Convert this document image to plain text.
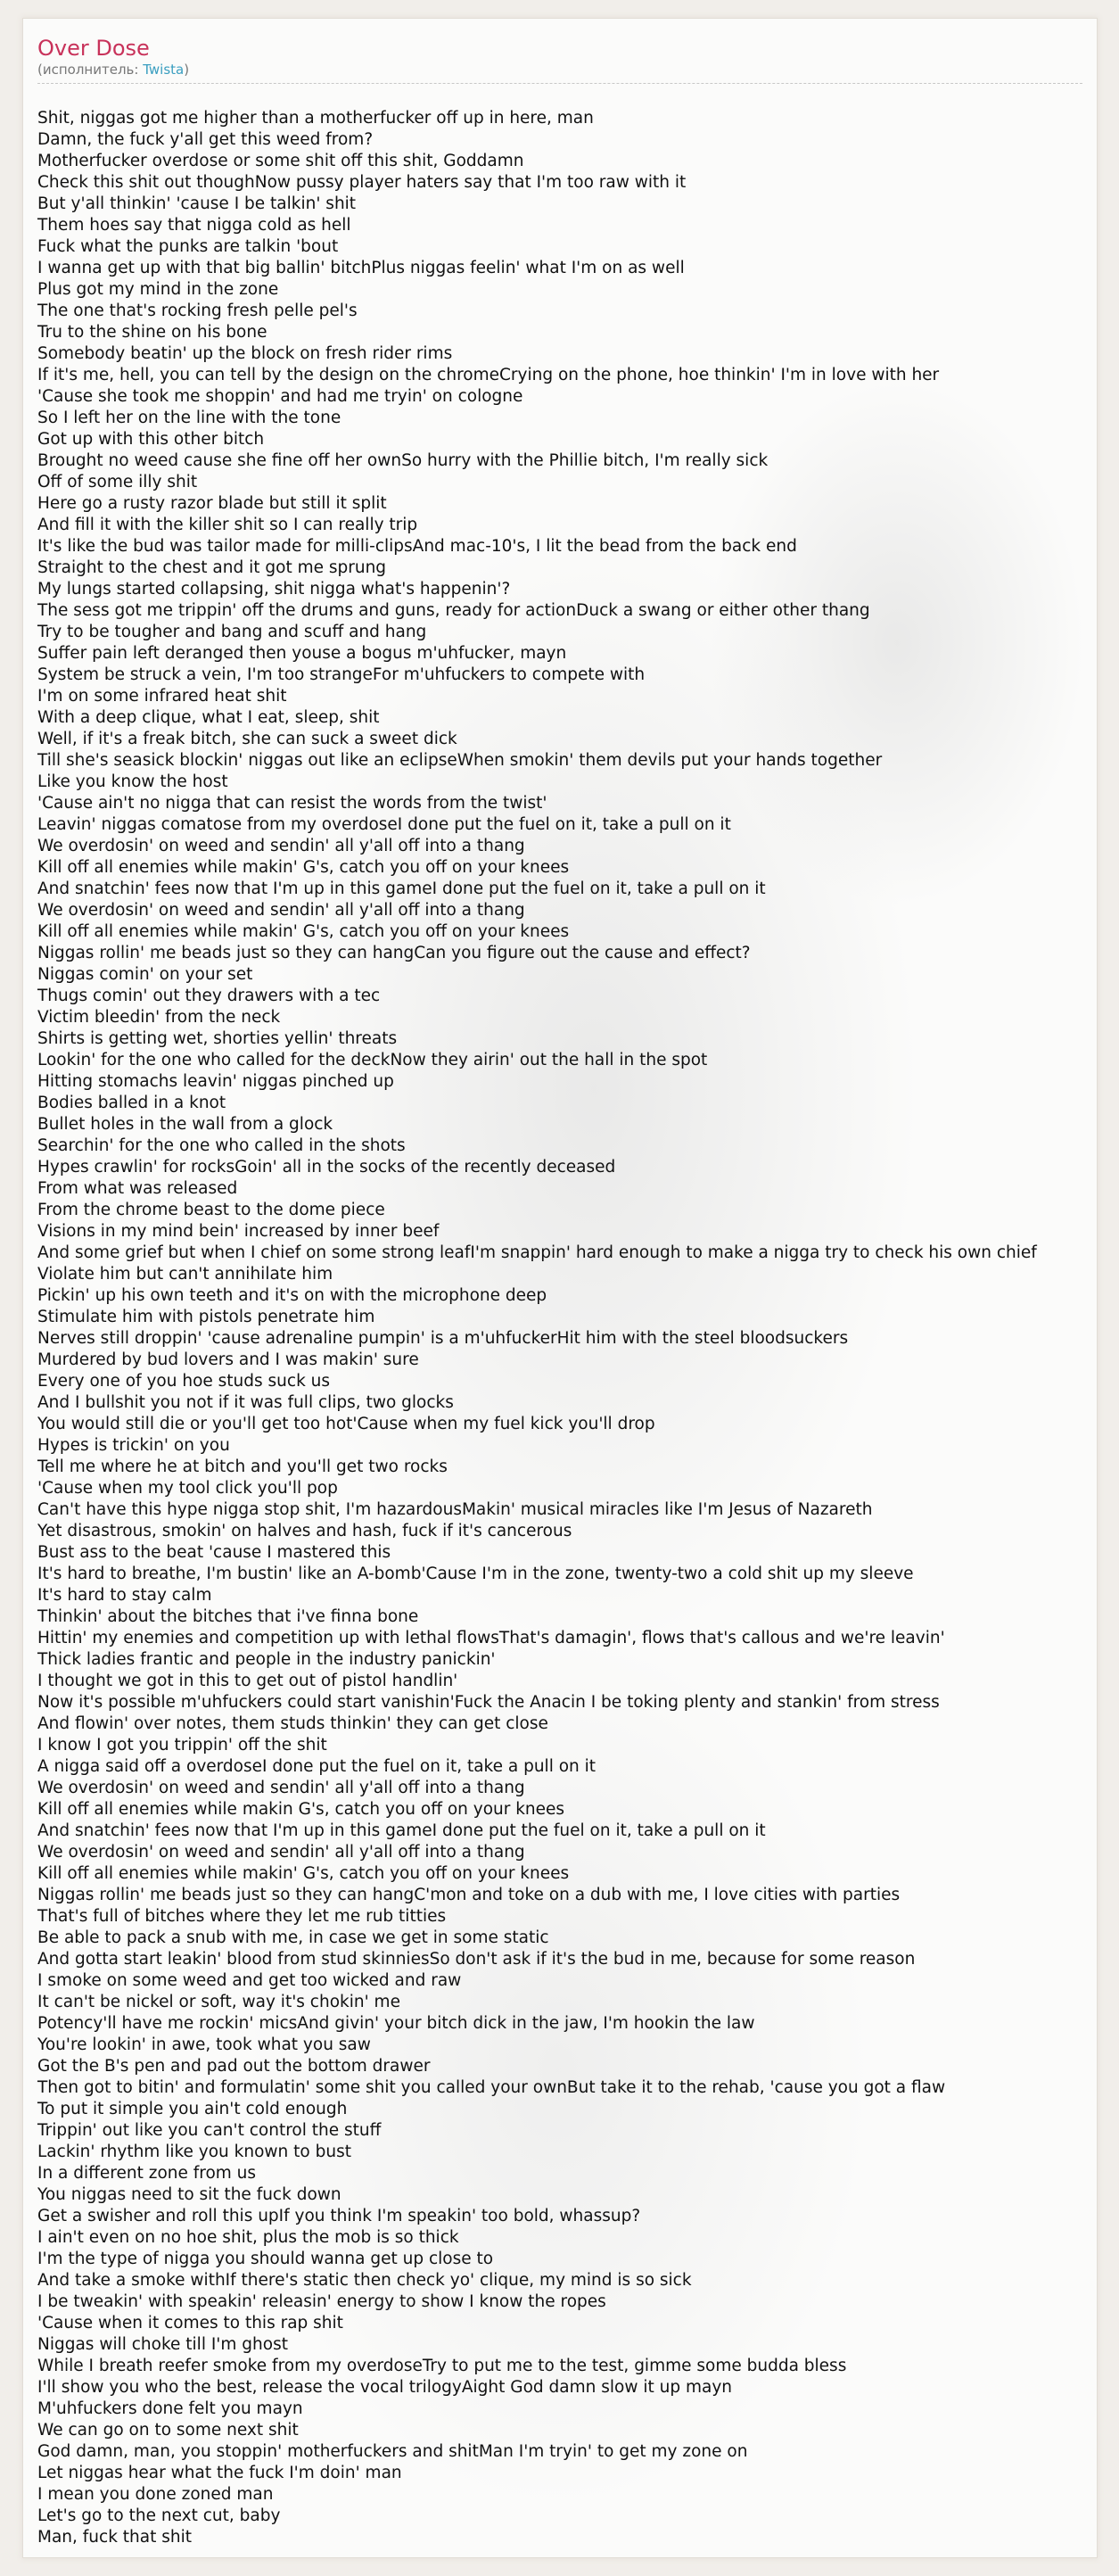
Over Dose
(исполнитель: Twista)
Shit, niggas got me higher than a motherfucker off up in here, man
Damn, the fuck y'all get this weed from?
Motherfucker overdose or some shit off this shit, Goddamn
Check this shit out thoughNow pussy player haters say that I'm too raw with it
But y'all thinkin' 'cause I be talkin' shit
Them hoes say that nigga cold as hell
Fuck what the punks are talkin 'bout
I wanna get up with that big ballin' bitchPlus niggas feelin' what I'm on as well
Plus got my mind in the zone
The one that's rocking fresh pelle pel's
Tru to the shine on his bone
Somebody beatin' up the block on fresh rider rims
If it's me, hell, you can tell by the design on the chromeCrying on the phone, hoe thinkin' I'm in love with her
'Cause she took me shoppin' and had me tryin' on cologne
So I left her on the line with the tone
Got up with this other bitch
Brought no weed cause she fine off her ownSo hurry with the Phillie bitch, I'm really sick
Off of some illy shit
Here go a rusty razor blade but still it split
And fill it with the killer shit so I can really trip
It's like the bud was tailor made for milli-clipsAnd mac-10's, I lit the bead from the back end
Straight to the chest and it got me sprung
My lungs started collapsing, shit nigga what's happenin'?
The sess got me trippin' off the drums and guns, ready for actionDuck a swang or either other thang
Try to be tougher and bang and scuff and hang
Suffer pain left deranged then youse a bogus m'uhfucker, mayn
System be struck a vein, I'm too strangeFor m'uhfuckers to compete with
I'm on some infrared heat shit
With a deep clique, what I eat, sleep, shit
Well, if it's a freak bitch, she can suck a sweet dick
Till she's seasick blockin' niggas out like an eclipseWhen smokin' them devils put your hands together
Like you know the host
'Cause ain't no nigga that can resist the words from the twist'
Leavin' niggas comatose from my overdoseI done put the fuel on it, take a pull on it
We overdosin' on weed and sendin' all y'all off into a thang
Kill off all enemies while makin' G's, catch you off on your knees
And snatchin' fees now that I'm up in this gameI done put the fuel on it, take a pull on it
We overdosin' on weed and sendin' all y'all off into a thang
Kill off all enemies while makin' G's, catch you off on your knees
Niggas rollin' me beads just so they can hangCan you figure out the cause and effect?
Niggas comin' on your set
Thugs comin' out they drawers with a tec
Victim bleedin' from the neck
Shirts is getting wet, shorties yellin' threats
Lookin' for the one who called for the deckNow they airin' out the hall in the spot
Hitting stomachs leavin' niggas pinched up
Bodies balled in a knot
Bullet holes in the wall from a glock
Searchin' for the one who called in the shots
Hypes crawlin' for rocksGoin' all in the socks of the recently deceased
From what was released
From the chrome beast to the dome piece
Visions in my mind bein' increased by inner beef
And some grief but when I chief on some strong leafI'm snappin' hard enough to make a nigga try to check his own chief
Violate him but can't annihilate him
Pickin' up his own teeth and it's on with the microphone deep
Stimulate him with pistols penetrate him
Nerves still droppin' 'cause adrenaline pumpin' is a m'uhfuckerHit him with the steel bloodsuckers
Murdered by bud lovers and I was makin' sure
Every one of you hoe studs suck us
And I bullshit you not if it was full clips, two glocks
You would still die or you'll get too hot'Cause when my fuel kick you'll drop
Hypes is trickin' on you
Tell me where he at bitch and you'll get two rocks
'Cause when my tool click you'll pop
Can't have this hype nigga stop shit, I'm hazardousMakin' musical miracles like I'm Jesus of Nazareth
Yet disastrous, smokin' on halves and hash, fuck if it's cancerous
Bust ass to the beat 'cause I mastered this
It's hard to breathe, I'm bustin' like an A-bomb'Cause I'm in the zone, twenty-two a cold shit up my sleeve
It's hard to stay calm
Thinkin' about the bitches that i've finna bone
Hittin' my enemies and competition up with lethal flowsThat's damagin', flows that's callous and we're leavin'
Thick ladies frantic and people in the industry panickin'
I thought we got in this to get out of pistol handlin'
Now it's possible m'uhfuckers could start vanishin'Fuck the Anacin I be toking plenty and stankin' from stress
And flowin' over notes, them studs thinkin' they can get close
I know I got you trippin' off the shit
A nigga said off a overdoseI done put the fuel on it, take a pull on it
We overdosin' on weed and sendin' all y'all off into a thang
Kill off all enemies while makin G's, catch you off on your knees
And snatchin' fees now that I'm up in this gameI done put the fuel on it, take a pull on it
We overdosin' on weed and sendin' all y'all off into a thang
Kill off all enemies while makin' G's, catch you off on your knees
Niggas rollin' me beads just so they can hangC'mon and toke on a dub with me, I love cities with parties
That's full of bitches where they let me rub titties
Be able to pack a snub with me, in case we get in some static
And gotta start leakin' blood from stud skinniesSo don't ask if it's the bud in me, because for some reason
I smoke on some weed and get too wicked and raw
It can't be nickel or soft, way it's chokin' me
Potency'll have me rockin' micsAnd givin' your bitch dick in the jaw, I'm hookin the law
You're lookin' in awe, took what you saw
Got the B's pen and pad out the bottom drawer
Then got to bitin' and formulatin' some shit you called your ownBut take it to the rehab, 'cause you got a flaw
To put it simple you ain't cold enough
Trippin' out like you can't control the stuff
Lackin' rhythm like you known to bust
In a different zone from us
You niggas need to sit the fuck down
Get a swisher and roll this upIf you think I'm speakin' too bold, whassup?
I ain't even on no hoe shit, plus the mob is so thick
I'm the type of nigga you should wanna get up close to
And take a smoke withIf there's static then check yo' clique, my mind is so sick
I be tweakin' with speakin' releasin' energy to show I know the ropes
'Cause when it comes to this rap shit
Niggas will choke till I'm ghost
While I breath reefer smoke from my overdoseTry to put me to the test, gimme some budda bless
I'll show you who the best, release the vocal trilogyAight God damn slow it up mayn
M'uhfuckers done felt you mayn
We can go on to some next shit
God damn, man, you stoppin' motherfuckers and shitMan I'm tryin' to get my zone on
Let niggas hear what the fuck I'm doin' man
I mean you done zoned man
Let's go to the next cut, baby
Man, fuck that shit
